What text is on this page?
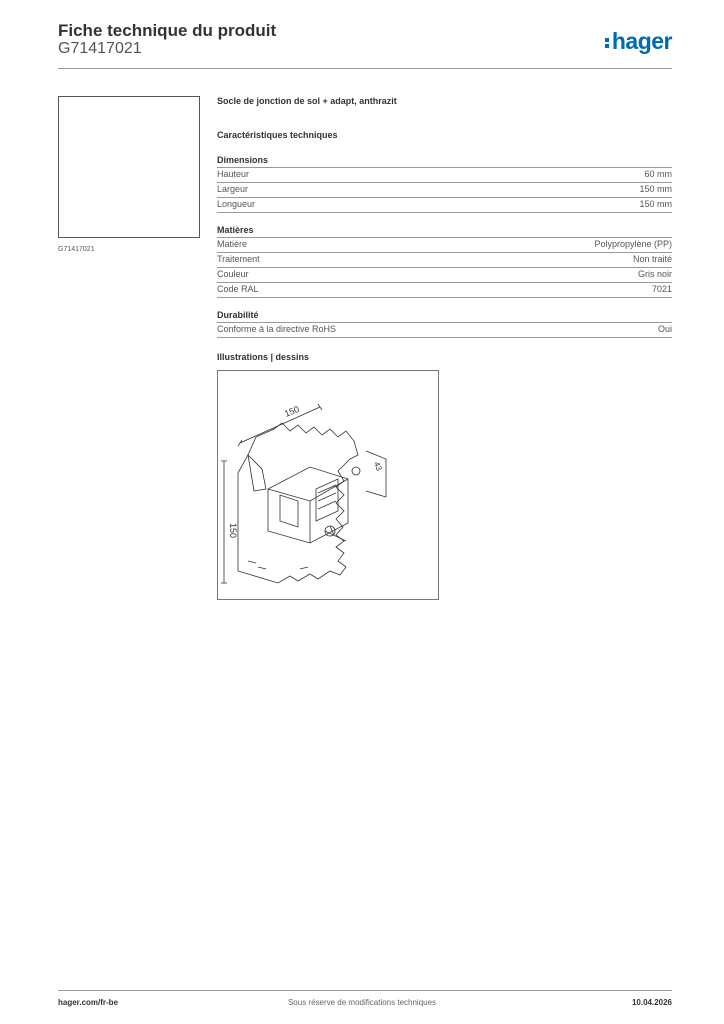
Fiche technique du produit
G71417021	hager
G71417021
Socle de jonction de sol + adapt, anthrazit
Caractéristiques techniques
Dimensions
Hauteur	60 mm
Largeur	150 mm
Longueur	150 mm
Matières
Matière	Polypropylène (PP)
Traitement	Non traité
Couleur	Gris noir
Code RAL	7021
Durabilité
Conforme à la directive RoHS	Oui
Illustrations | dessins
150
150
43
hager.com/fr-be	Sous réserve de modifications techniques	10.04.2026
